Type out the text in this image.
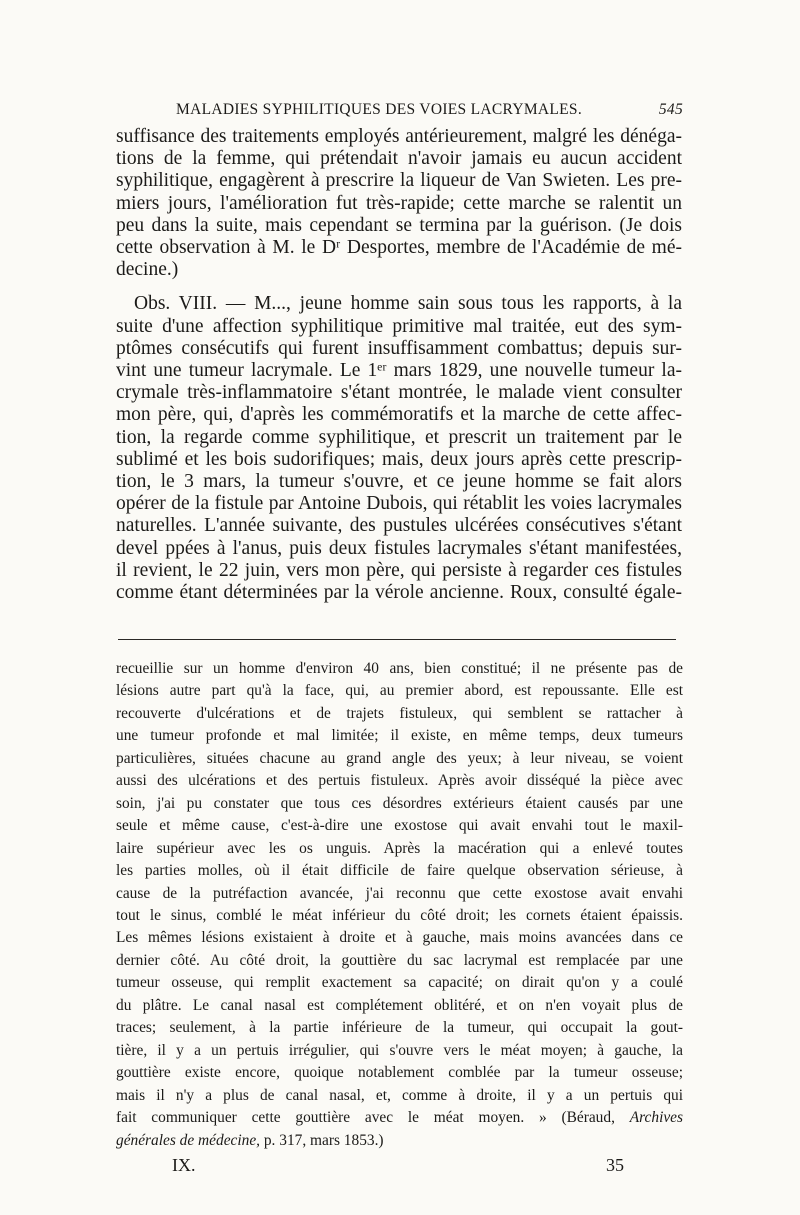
MALADIES SYPHILITIQUES DES VOIES LACRYMALES.	545

suffisance des traitements employés antérieurement, malgré les dénéga-
tions de la femme, qui prétendait n'avoir jamais eu aucun accident
syphilitique, engagèrent à prescrire la liqueur de Van Swieten. Les pre-
miers jours, l'amélioration fut très-rapide; cette marche se ralentit un
peu dans la suite, mais cependant se termina par la guérison. (Je dois
cette observation à M. le Dʳ Desportes, membre de l'Académie de mé-
decine.)

Obs. VIII. — M..., jeune homme sain sous tous les rapports, à la
suite d'une affection syphilitique primitive mal traitée, eut des sym-
ptômes consécutifs qui furent insuffisamment combattus; depuis sur-
vint une tumeur lacrymale. Le 1ᵉʳ mars 1829, une nouvelle tumeur la-
crymale très-inflammatoire s'étant montrée, le malade vient consulter
mon père, qui, d'après les commémoratifs et la marche de cette affec-
tion, la regarde comme syphilitique, et prescrit un traitement par le
sublimé et les bois sudorifiques; mais, deux jours après cette prescrip-
tion, le 3 mars, la tumeur s'ouvre, et ce jeune homme se fait alors
opérer de la fistule par Antoine Dubois, qui rétablit les voies lacrymales
naturelles. L'année suivante, des pustules ulcérées consécutives s'étant
devel ppées à l'anus, puis deux fistules lacrymales s'étant manifestées,
il revient, le 22 juin, vers mon père, qui persiste à regarder ces fistules
comme étant déterminées par la vérole ancienne. Roux, consulté égale-

recueillie sur un homme d'environ 40 ans, bien constitué; il ne présente pas de
lésions autre part qu'à la face, qui, au premier abord, est repoussante. Elle est
recouverte d'ulcérations et de trajets fistuleux, qui semblent se rattacher à
une tumeur profonde et mal limitée; il existe, en même temps, deux tumeurs
particulières, situées chacune au grand angle des yeux; à leur niveau, se voient
aussi des ulcérations et des pertuis fistuleux. Après avoir disséqué la pièce avec
soin, j'ai pu constater que tous ces désordres extérieurs étaient causés par une
seule et même cause, c'est-à-dire une exostose qui avait envahi tout le maxil-
laire supérieur avec les os unguis. Après la macération qui a enlevé toutes
les parties molles, où il était difficile de faire quelque observation sérieuse, à
cause de la putréfaction avancée, j'ai reconnu que cette exostose avait envahi
tout le sinus, comblé le méat inférieur du côté droit; les cornets étaient épaissis.
Les mêmes lésions existaient à droite et à gauche, mais moins avancées dans ce
dernier côté. Au côté droit, la gouttière du sac lacrymal est remplacée par une
tumeur osseuse, qui remplit exactement sa capacité; on dirait qu'on y a coulé
du plâtre. Le canal nasal est complétement oblitéré, et on n'en voyait plus de
traces; seulement, à la partie inférieure de la tumeur, qui occupait la gout-
tière, il y a un pertuis irrégulier, qui s'ouvre vers le méat moyen; à gauche, la
gouttière existe encore, quoique notablement comblée par la tumeur osseuse;
mais il n'y a plus de canal nasal, et, comme à droite, il y a un pertuis qui
fait communiquer cette gouttière avec le méat moyen. » (Béraud, Archives
générales de médecine, p. 317, mars 1853.)
IX.	35
